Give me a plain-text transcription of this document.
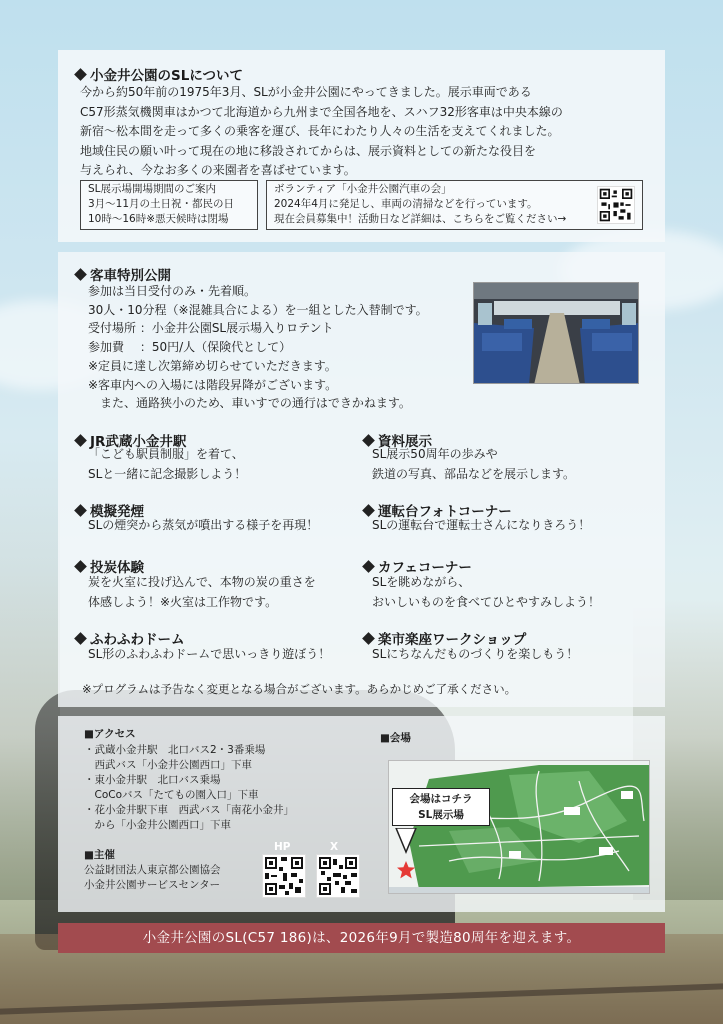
小金井公園のSLについて
今から約50年前の1975年3月、SLが小金井公園にやってきました。展示車両である
C57形蒸気機関車はかつて北海道から九州まで全国各地を、スハフ32形客車は中央本線の
新宿～松本間を走って多くの乗客を運び、長年にわたり人々の生活を支えてくれました。
地域住民の願い叶って現在の地に移設されてからは、展示資料としての新たな役目を
与えられ、今なお多くの来園者を喜ばせています。
SL展示場開場期間のご案内
3月～11月の土日祝・都民の日
10時～16時※悪天候時は閉場
ボランティア「小金井公園汽車の会」
2024年4月に発足し、車両の清掃などを行っています。
現在会員募集中！活動日など詳細は、こちらをご覧ください→
客車特別公開
参加は当日受付のみ・先着順。
30人・10分程（※混雑具合による）を一組とした入替制です。
受付場所 ：小金井公園SL展示場入りロテント
参加費 　：50円/人（保険代として）
※定員に達し次第締め切らせていただきます。
※客車内への入場には階段昇降がございます。
　また、通路狭小のため、車いすでの通行はできかねます。
JR武蔵小金井駅
「こども駅員制服」を着て、
SLと一緒に記念撮影しよう！
模擬発煙
SLの煙突から蒸気が噴出する様子を再現！
投炭体験
炭を火室に投げ込んで、本物の炭の重さを
体感しよう！※火室は工作物です。
ふわふわドーム
SL形のふわふわドームで思いっきり遊ぼう！
資料展示
SL展示50周年の歩みや
鉄道の写真、部品などを展示します。
運転台フォトコーナー
SLの運転台で運転士さんになりきろう！
カフェコーナー
SLを眺めながら、
おいしいものを食べてひとやすみしよう！
楽市楽座ワークショップ
SLにちなんだものづくりを楽しもう！
※プログラムは予告なく変更となる場合がございます。あらかじめご了承ください。
■アクセス
・武蔵小金井駅　北口バス2・3番乗場
　西武バス「小金井公園西口」下車
・東小金井駅　北口バス乗場
　CoCoバス「たてもの園入口」下車
・花小金井駅下車　西武バス「南花小金井」
　から「小金井公園西口」下車
■主催
公益財団法人東京都公園協会
小金井公園サービスセンター
HP	X
■会場
会場はコチラ
SL展示場
小金井公園のSL(C57 186)は、2026年9月で製造80周年を迎えます。
